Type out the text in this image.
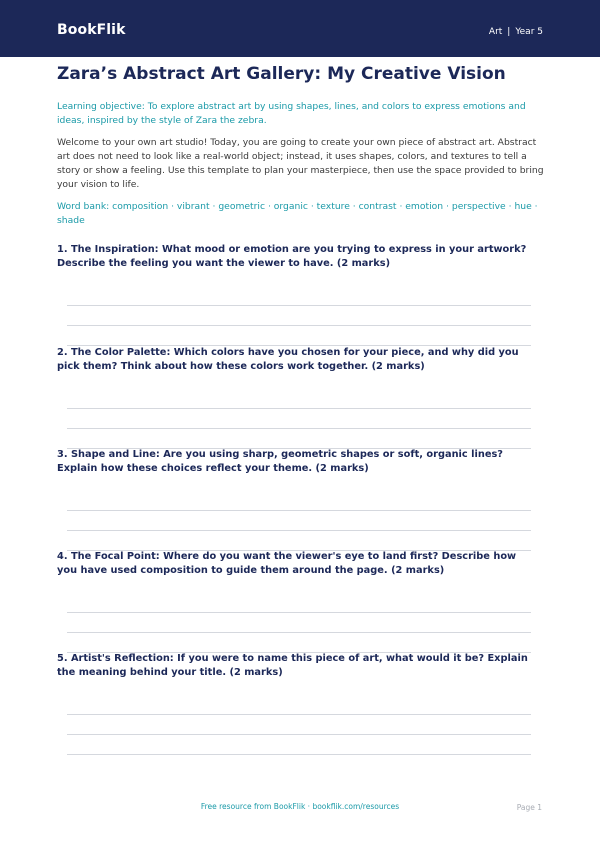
BookFlik	Art | Year 5
Zara’s Abstract Art Gallery: My Creative Vision
Learning objective: To explore abstract art by using shapes, lines, and colors to express emotions and ideas, inspired by the style of Zara the zebra.
Welcome to your own art studio! Today, you are going to create your own piece of abstract art. Abstract art does not need to look like a real-world object; instead, it uses shapes, colors, and textures to tell a story or show a feeling. Use this template to plan your masterpiece, then use the space provided to bring your vision to life.
Word bank: composition · vibrant · geometric · organic · texture · contrast · emotion · perspective · hue · shade
1. The Inspiration: What mood or emotion are you trying to express in your artwork? Describe the feeling you want the viewer to have. (2 marks)
2. The Color Palette: Which colors have you chosen for your piece, and why did you pick them? Think about how these colors work together. (2 marks)
3. Shape and Line: Are you using sharp, geometric shapes or soft, organic lines? Explain how these choices reflect your theme. (2 marks)
4. The Focal Point: Where do you want the viewer's eye to land first? Describe how you have used composition to guide them around the page. (2 marks)
5. Artist's Reflection: If you were to name this piece of art, what would it be? Explain the meaning behind your title. (2 marks)
Free resource from BookFlik · bookflik.com/resources	Page 1
